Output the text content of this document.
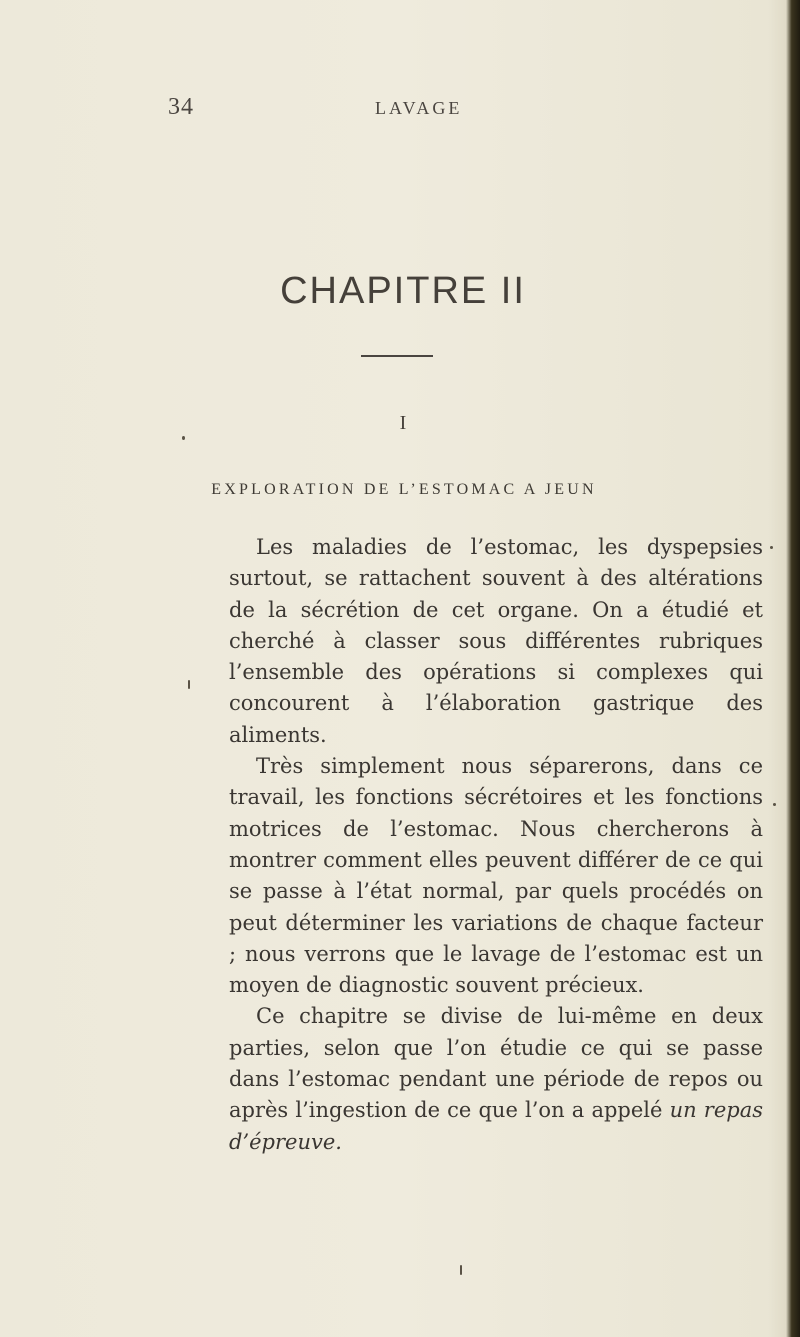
34	LAVAGE
CHAPITRE II
I
EXPLORATION DE L’ESTOMAC A JEUN

Les maladies de l’estomac, les dyspepsies surtout, se rattachent souvent à des altérations de la sécrétion de cet organe. On a étudié et cherché à classer sous différentes rubriques l’ensemble des opérations si complexes qui concourent à l’élaboration gastrique des aliments.

Très simplement nous séparerons, dans ce travail, les fonctions sécrétoires et les fonctions motrices de l’estomac. Nous chercherons à montrer comment elles peuvent différer de ce qui se passe à l’état normal, par quels procédés on peut déterminer les variations de chaque facteur ; nous verrons que le lavage de l’estomac est un moyen de diagnostic souvent précieux.

Ce chapitre se divise de lui-même en deux parties, selon que l’on étudie ce qui se passe dans l’estomac pendant une période de repos ou après l’ingestion de ce que l’on a appelé un repas d’épreuve.
